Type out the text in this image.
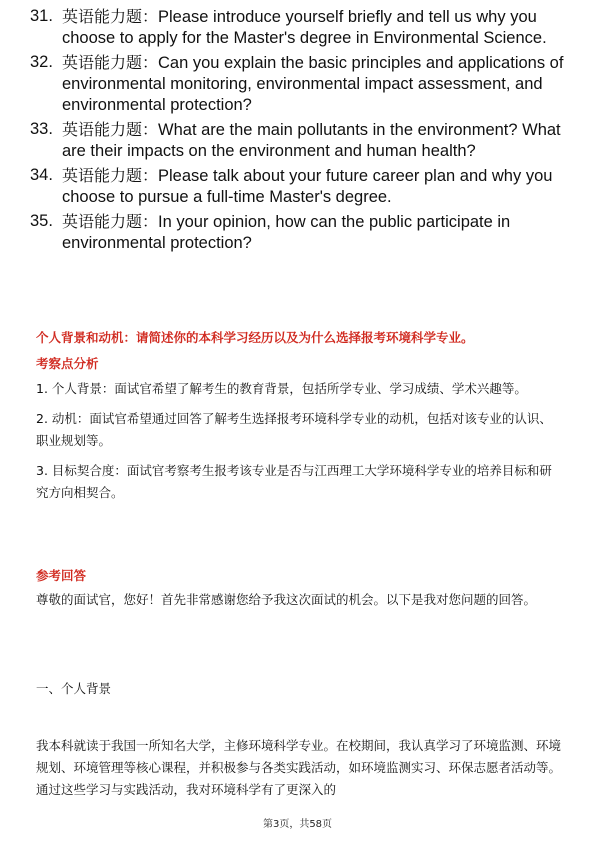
31. 英语能力题：Please introduce yourself briefly and tell us why you choose to apply for the Master's degree in Environmental Science.
32. 英语能力题：Can you explain the basic principles and applications of environmental monitoring, environmental impact assessment, and environmental protection?
33. 英语能力题：What are the main pollutants in the environment? What are their impacts on the environment and human health?
34. 英语能力题：Please talk about your future career plan and why you choose to pursue a full-time Master's degree.
35. 英语能力题：In your opinion, how can the public participate in environmental protection?
个人背景和动机：请简述你的本科学习经历以及为什么选择报考环境科学专业。
考察点分析
1. 个人背景：面试官希望了解考生的教育背景，包括所学专业、学习成绩、学术兴趣等。
2. 动机：面试官希望通过回答了解考生选择报考环境科学专业的动机，包括对该专业的认识、职业规划等。
3. 目标契合度：面试官考察考生报考该专业是否与江西理工大学环境科学专业的培养目标和研究方向相契合。
参考回答
尊敬的面试官，您好！首先非常感谢您给予我这次面试的机会。以下是我对您问题的回答。
一、个人背景
我本科就读于我国一所知名大学，主修环境科学专业。在校期间，我认真学习了环境监测、环境规划、环境管理等核心课程，并积极参与各类实践活动，如环境监测实习、环保志愿者活动等。通过这些学习与实践活动，我对环境科学有了更深入的
第3页，共58页
